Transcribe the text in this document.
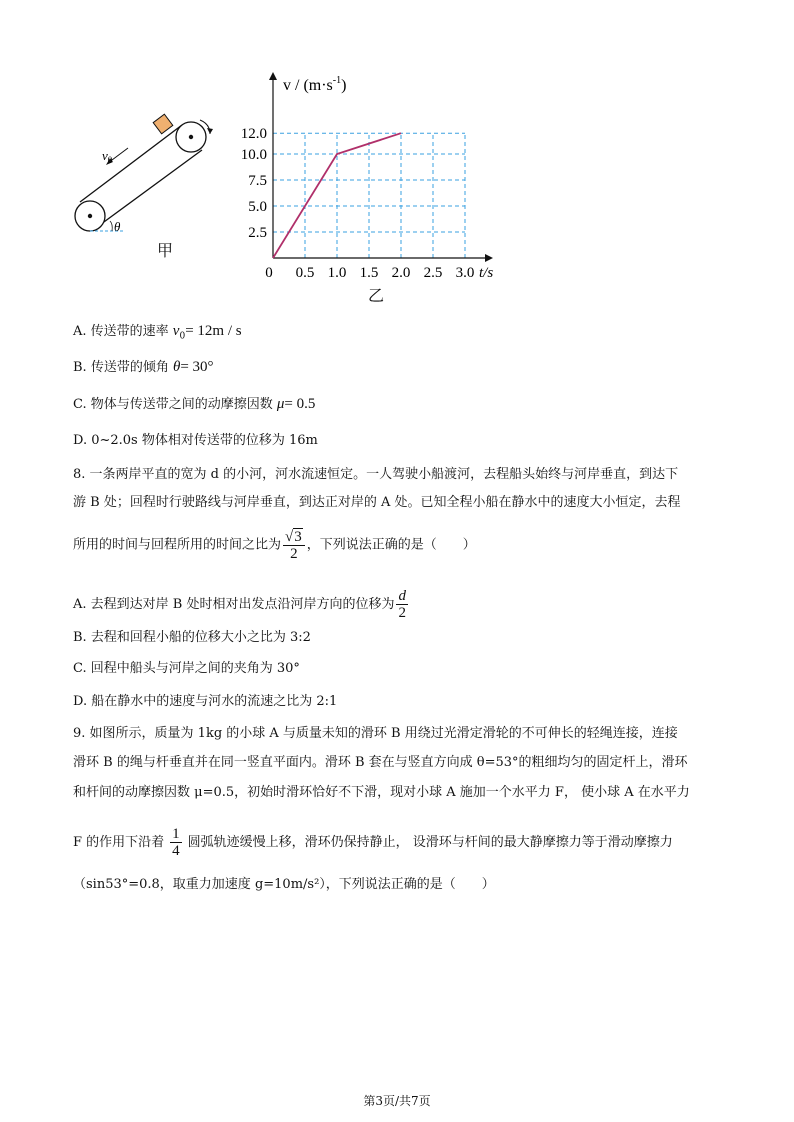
$v_0$
θ
甲
0 0.5 1.0 1.5 2.0 2.5 3.0
2.5
5.0
7.5
10.0
12.0
t/s
$v / (m\cdot s^{-1})$
乙
A. 传送带的速率 $v_0= 12m / s$
B. 传送带的倾角 θ= 30°
C. 物体与传送带之间的动摩擦因数 μ= 0.5
D. 0~2.0s 物体相对传送带的位移为 16m
8. 一条两岸平直的宽为 d 的小河，河水流速恒定。一人驾驶小船渡河，去程船头始终与河岸垂直，到达下
游 B 处；回程时行驶路线与河岸垂直，到达正对岸的 A 处。已知全程小船在静水中的速度大小恒定，去程
所用的时间与回程所用的时间之比为 $\frac{√ 3}{2}$ ，下列说法正确的是（　　）
A. 去程到达对岸 B 处时相对出发点沿河岸方向的位移为 $\frac{d}{2}$
B. 去程和回程小船的位移大小之比为 3:2
C. 回程中船头与河岸之间的夹角为 30°
D. 船在静水中的速度与河水的流速之比为 2:1
9. 如图所示，质量为 1kg 的小球 A 与质量未知的滑环 B 用绕过光滑定滑轮的不可伸长的轻绳连接，连接
滑环 B 的绳与杆垂直并在同一竖直平面内。滑环 B 套在与竖直方向成 θ=53°的粗细均匀的固定杆上，滑环
和杆间的动摩擦因数 μ=0.5，初始时滑环恰好不下滑，现对小球 A 施加一个水平力 F， 使小球 A 在水平力
F 的作用下沿着 $\frac{1}{4}$ 圆弧轨迹缓慢上移，滑环仍保持静止， 设滑环与杆间的最大静摩擦力等于滑动摩擦力
（sin53°=0.8，取重力加速度 g=10m/s²），下列说法正确的是（　　）
第3页/共7页
